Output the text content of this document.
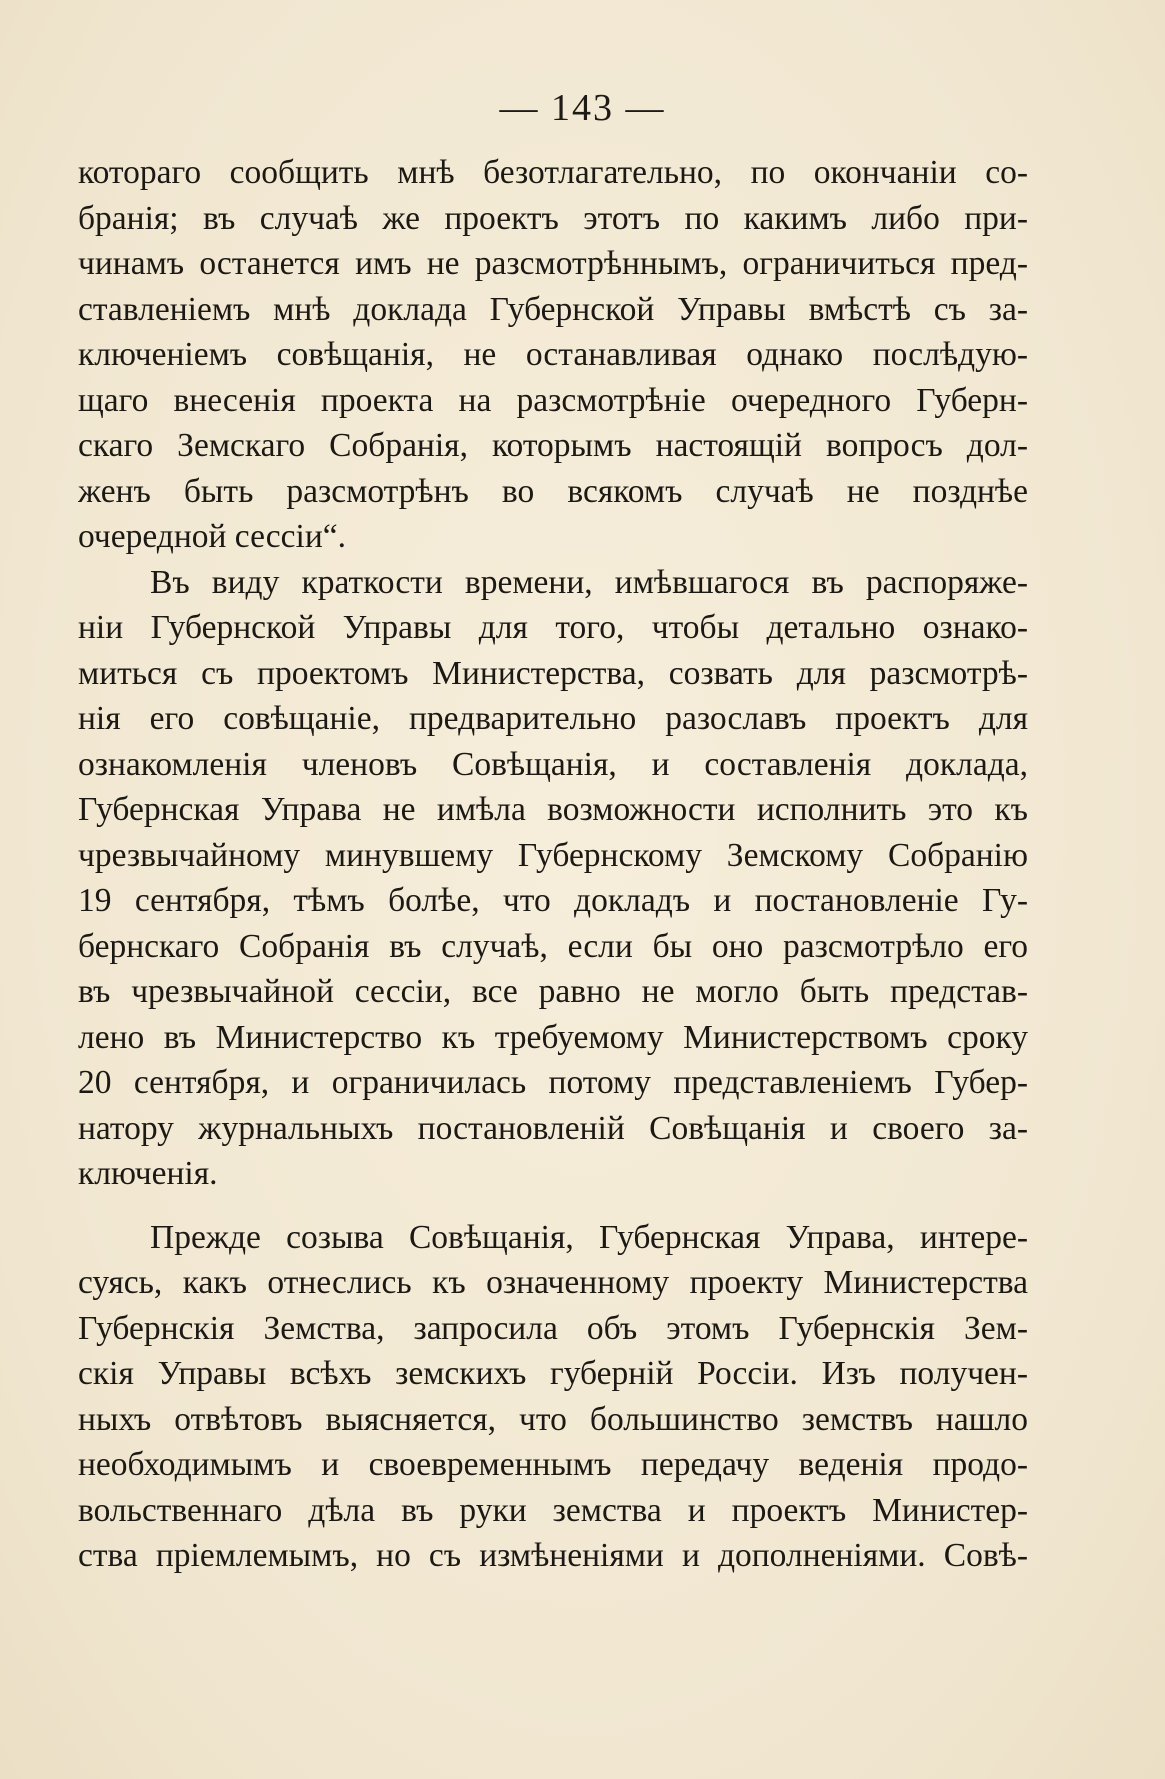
— 143 —
котораго сообщить мнѣ безотлагательно, по окончаніи со-
бранія; въ случаѣ же проектъ этотъ по какимъ либо при-
чинамъ останется имъ не разсмотрѣннымъ, ограничиться пред-
ставленіемъ мнѣ доклада Губернской Управы вмѣстѣ съ за-
ключеніемъ совѣщанія, не останавливая однако послѣдую-
щаго внесенія проекта на разсмотрѣніе очередного Губерн-
скаго Земскаго Собранія, которымъ настоящій вопросъ дол-
женъ быть разсмотрѣнъ во всякомъ случаѣ не позднѣе
очередной сессіи“.
Въ виду краткости времени, имѣвшагося въ распоряже-
ніи Губернской Управы для того, чтобы детально ознако-
миться съ проектомъ Министерства, созвать для разсмотрѣ-
нія его совѣщаніе, предварительно разославъ проектъ для
ознакомленія членовъ Совѣщанія, и составленія доклада,
Губернская Управа не имѣла возможности исполнить это къ
чрезвычайному минувшему Губернскому Земскому Собранію
19 сентября, тѣмъ болѣе, что докладъ и постановленіе Гу-
бернскаго Собранія въ случаѣ, если бы оно разсмотрѣло его
въ чрезвычайной сессіи, все равно не могло быть представ-
лено въ Министерство къ требуемому Министерствомъ сроку
20 сентября, и ограничилась потому представленіемъ Губер-
натору журнальныхъ постановленій Совѣщанія и своего за-
ключенія.
Прежде созыва Совѣщанія, Губернская Управа, интере-
суясь, какъ отнеслись къ означенному проекту Министерства
Губернскія Земства, запросила объ этомъ Губернскія Зем-
скія Управы всѣхъ земскихъ губерній Россіи. Изъ получен-
ныхъ отвѣтовъ выясняется, что большинство земствъ нашло
необходимымъ и своевременнымъ передачу веденія продо-
вольственнаго дѣла въ руки земства и проектъ Министер-
ства пріемлемымъ, но съ измѣненіями и дополненіями. Совѣ-
